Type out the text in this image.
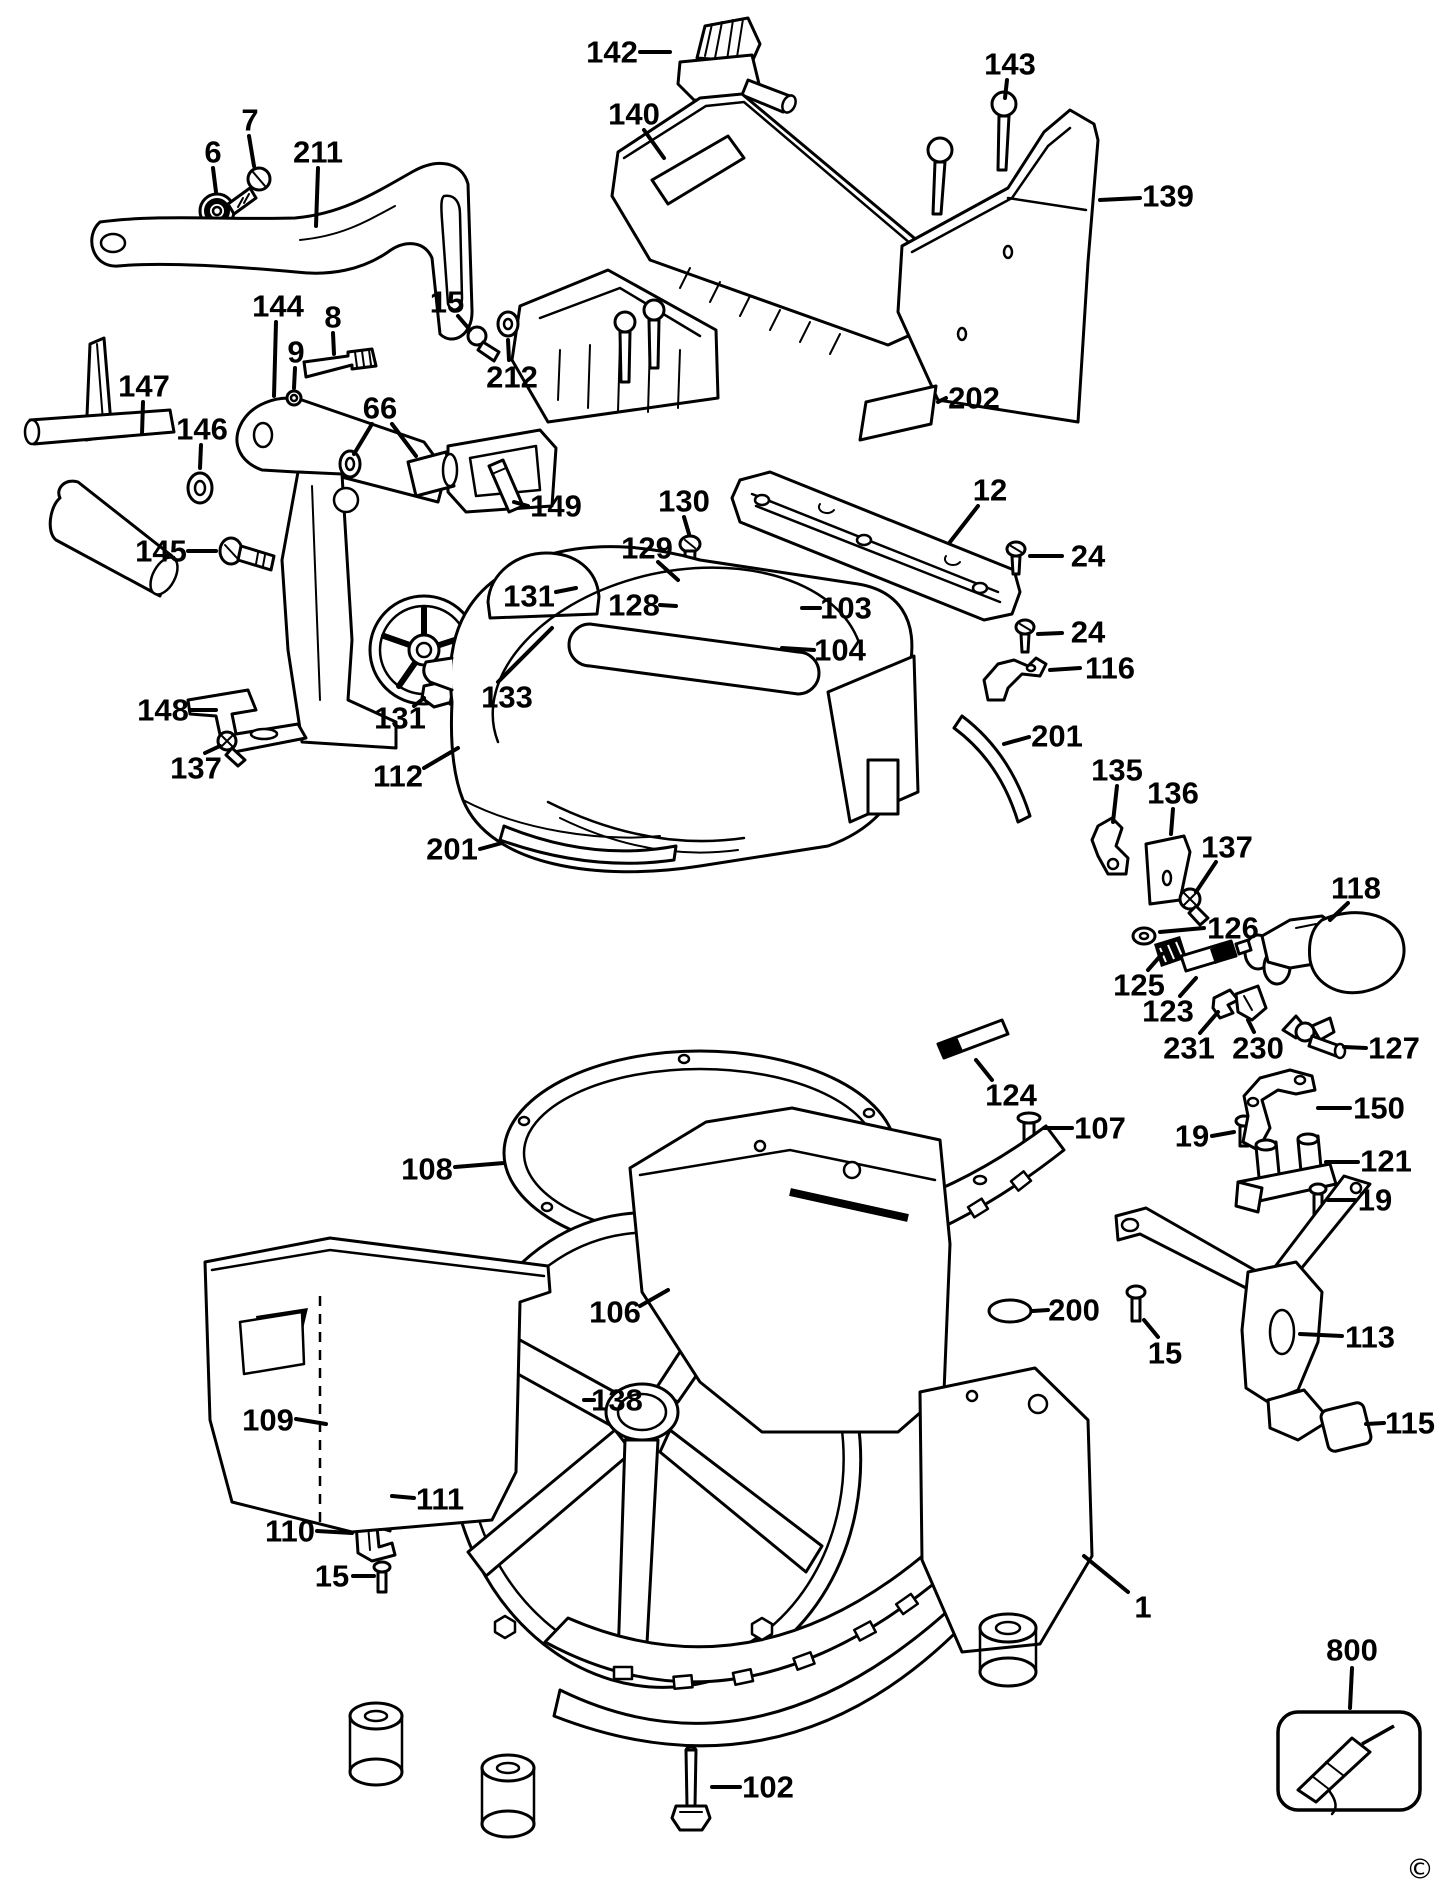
©
6
7
211
142
140
143
139
144 8
9
15
66
212
147
146
145
202
149 130
129
131 128	103
104
12
24
24
116
148
137
133
131
112
201
135
136
137
118
126
125
123
231 230	127
201
124
107 19
150
121
19
108
106	200
15	113
115
109
138
111
110
15
1
800
102
